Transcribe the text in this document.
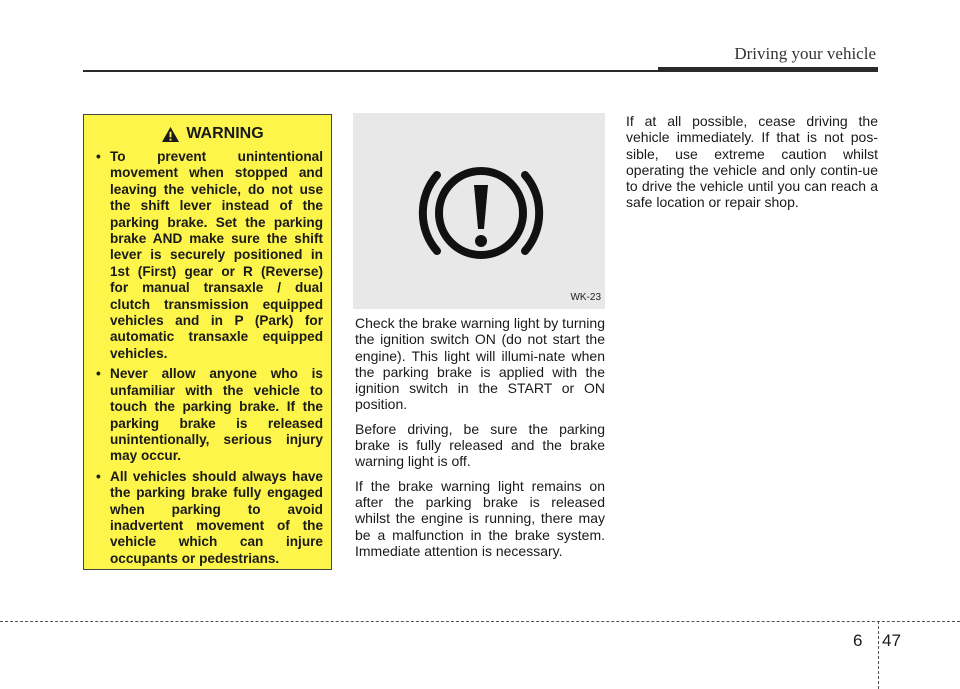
Driving your vehicle
WARNING
• To prevent unintentional movement when stopped and leaving the vehicle, do not use the shift lever instead of the parking brake. Set the parking brake AND make sure the shift lever is securely positioned in 1st (First) gear or R (Reverse) for manual transaxle / dual clutch transmission equipped vehicles and in P (Park) for automatic transaxle equipped vehicles.
• Never allow anyone who is unfamiliar with the vehicle to touch the parking brake. If the parking brake is released unintentionally, serious injury may occur.
• All vehicles should always have the parking brake fully engaged when parking to avoid inadvertent movement of the vehicle which can injure occupants or pedestrians.
WK-23

Check the brake warning light by turning the ignition switch ON (do not start the engine). This light will illumi-nate when the parking brake is applied with the ignition switch in the START or ON position.

Before driving, be sure the parking brake is fully released and the brake warning light is off.

If the brake warning light remains on after the parking brake is released whilst the engine is running, there may be a malfunction in the brake system. Immediate attention is necessary.

If at all possible, cease driving the vehicle immediately. If that is not pos-sible, use extreme caution whilst operating the vehicle and only contin-ue to drive the vehicle until you can reach a safe location or repair shop.

6 47
